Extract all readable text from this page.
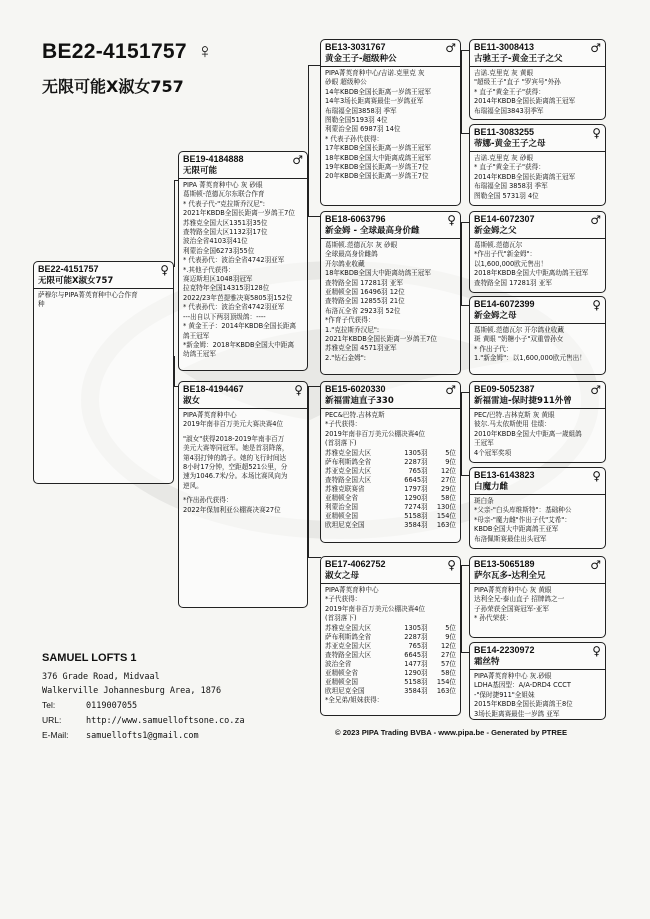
BE22-4151757 ♀
无限可能X淑女757
BE22-4151757	♀
无限可能X淑女757
萨穆尔与PIPA菁英育种中心合作育
种
BE19-4184888	♂
无限可能
PIPA 菁英育种中心 灰 砂眼
葛斯顿-范德瓦尔东联合作育
* 代表子代-"克拉斯乔汉尼":
2021年KBDB全国长距离一岁鸽王7位
苏雅克全国大区1351羽35位
查特路全国大区1132羽17位
波治全省4103羽41位
利蒙治全国6273羽55位
* 代表孙代：波治全省4742羽亚军
*.其他子代获得：
赛迈斯坦区1048羽冠军
拉克特年全国14315羽128位
2022/23年芭提雅决赛5805羽152位
* 代表孙代：波治全省4742羽亚军
---出自以下两羽顶级鸽：----
* 黄金王子：2014年KBDB全国长距离
鸽王冠军
*新金姆：2018年KBDB全国大中距离
幼鸽王冠军
BE18-4194467	♀
淑女
PIPA菁英育种中心
2019年南非百万美元大赛决赛4位
"淑女"获得2018-2019年南非百万
美元大赛等同冠军。她是首羽降落，
第4羽打钟的鸽子。她的飞行时间达
8小时17分钟，空距超521公里，分
速为1046.7米/分。本场比赛风向为
逆风。
*作出孙代获得：
2022年保加利亚公棚赛决赛27位
BE13-3031767	♂
黄金王子-超级种公
PIPA菁英育种中心/吉诺.克里克 灰
砂眼 超级种公
14年KBDB全国长距离一岁鸽王冠军
14年3场长距离赛最佳一岁鸽亚军
布瑞福全国3858羽 季军
图勒全国5193羽 4位
利蒙治全国 6987羽 14位
* 代表子孙代获得：
17年KBDB全国长距离一岁鸽王冠军
18年KBDB全国大中距离成鸽王冠军
19年KBDB全国长距离一岁鸽王7位
20年KBDB全国长距离一岁鸽王7位
BE18-6063796	♀
新金姆 - 全球最高身价雌
葛斯顿.范德瓦尔 灰 砂眼
全球最高身价雌鸽
开尔鸽业收藏
18年KBDB全国大中距离幼鸽王冠军
查特路全国 17281羽 亚军
亚精顿全国 16496羽 12位
查特路全国 12855羽 21位
布洛瓦全省 2923羽 52位
*作育子代获得：
1."克拉斯乔汉尼":
2021年KBDB全国长距离一岁鸽王7位
苏雅克全国 4571羽亚军
2."钻石金姆":
BE15-6020330	♂
新福雷迪直子330
PEC&巴特.吉林克斯
*子代获得：
2019年南非百万美元公棚决赛4位
(首羽落下)
苏雅克全国大区	1305羽	5位
萨布利斯鸽全省	2287羽	9位
苏亚克全国大区	765羽	12位
查特路全国大区	6645羽	27位
苏雅克联赛省	1797羽	29位
亚精顿全省	1290羽	58位
利蒙治全国	7274羽	130位
亚精顿全国	5158羽	154位
欧坦尼克全国	3584羽	163位
BE17-4062752	♀
淑女之母
PIPA菁英育种中心
*子代获得：
2019年南非百万美元公棚决赛4位
(首羽落下)
苏雅克全国大区	1305羽	5位
萨布利斯鸽全省	2287羽	9位
苏亚克全国大区	765羽	12位
查特路全国大区	6645羽	27位
波治全省	1477羽	57位
亚精顿全省	1290羽	58位
亚精顿全国	5158羽	154位
欧坦尼克全国	3584羽	163位
*全兄弟/姐妹获得：
BE11-3008413	♂
古驰王子-黄金王子之父
吉诺.克里克 灰 黄眼
"超级王子"直子 "罗宾号"外孙
* 直子"黄金王子"获得：
2014年KBDB全国长距离鸽王冠军
布瑞福全国3843羽季军
BE11-3083255	♀
蒂娜-黄金王子之母
吉诺.克里克 灰 砂眼
* 直子"黄金王子"获得：
2014年KBDB全国长距离鸽王冠军
布瑞福全国 3858羽 季军
图勒全国 5731羽 4位
BE14-6072307	♂
新金姆之父
葛斯顿.范德瓦尔
*作出子代"新金姆"：
以1,600,000欧元售出！
2018年KBDB全国大中距离幼鸽王冠军
查特路全国 17281羽 亚军
BE14-6072399	♀
新金姆之母
葛斯顿.范德瓦尔 开尔鸽业收藏
斑 黄眼 "奶糖小子"双重曾孙女
* 作出子代：
1."新金姆"：以1,600,000欧元售出！
BE09-5052387	♂
新福雷迪-保时捷911外曾
PEC/巴特.吉林克斯 灰 黄眼
彼尔.马太依斯使用 佳绩：
2010年KBDB全国大中距离一歲組鸽
王冠军
4个冠军奖项
BE13-6143823	♀
白魔力雌
斑白条
*父亲-"白头库维斯特"：基础种公
*母亲-"魔力雌"作出子代"艾希"：
KBDB全国大中距离鸽王亚军
布洛佩斯赛最佳出头冠军
BE13-5065189	♂
萨尔瓦多-达利全兄
PIPA菁英育种中心 灰 黄眼
达利全兄-泰山直子 招牌鸽之一
子孙荣获全国赛冠军-亚军
* 孙代荣获：
BE14-2230972	♀
霜丝特
PIPA菁英育种中心 灰.砂眼
LDHA基因型：A/A-DRD4 CCCT
-"保时捷911"全姐妹
2015年KBDB全国长距离鸽王8位
3场长距离赛最佳一岁鸽 亚军
SAMUEL LOFTS 1
376 Grade Road, Midvaal
Walkerville Johannesburg Area, 1876
Tel:	0119007055
URL:	http://www.samuelloftsone.co.za
E-Mail: samuellofts1@gmail.com	© 2023 PIPA Trading BVBA - www.pipa.be - Generated by PTREE
